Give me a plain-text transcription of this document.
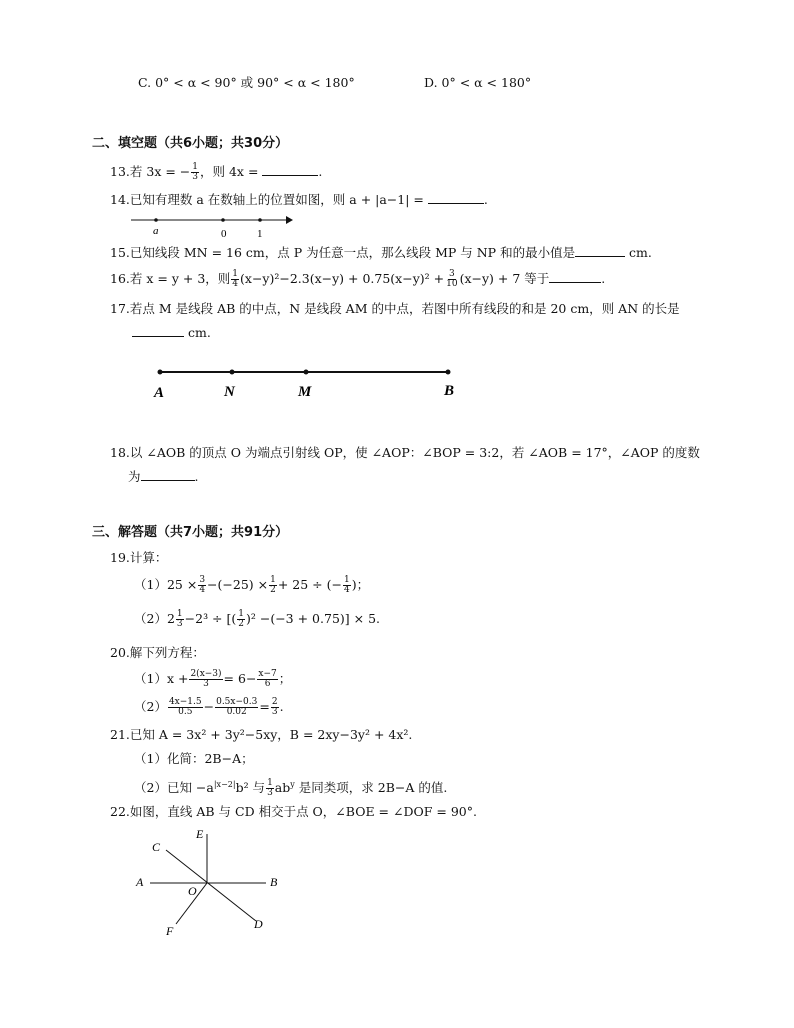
C. 0° < α < 90° 或 90° < α < 180°	D. 0° < α < 180°
二、填空题（共6小题；共30分）
13.若 3x = − $\frac{1}{3}$ ，则 4x =	.
14.已知有理数 a 在数轴上的位置如图，则 a + |a−1| =	.
a	0	1
15.已知线段 MN = 16 cm，点 P 为任意一点，那么线段 MP 与 NP 和的最小值是	cm.
16.若 x = y + 3，则 $\frac{1}{4} (x-y)^2-2.3(x-y) + 0.75(x-y)^2 + \frac{3}{10} (x-y) + 7$ 等于	.
17.若点 M 是线段 AB 的中点，N 是线段 AM 的中点，若图中所有线段的和是 20 cm，则 AN 的长是
cm.
A	N	M	B
18.以 ∠AOB 的顶点 O 为端点引射线 OP，使 ∠AOP：∠BOP = 3:2，若 ∠AOB = 17°，∠AOP 的度数
为	.
三、解答题（共7小题；共91分）
19.计算：
$(1)25 \times \frac{3}{4} -(-25) \times \frac{1}{2} + 25$ ÷ (− $\frac{1}{4}$ )；
$(2)2 \frac{1}{3} -2^3$ ÷ [( $\frac{1}{2} )^2 -(-3 + 0.75)] \times 5$.
20.解下列方程：
$(1)x + \frac{2(x-3)}{3} = 6- \frac{x-7}{6}$ ；
$(2) \frac{4x-1.5}{0.5} - \frac{0.5x-0.3}{0.02} = \frac{2}{3}$ .
21.已知 A = 3x² + 3y²−5xy，B = 2xy−3y² + 4x².
（1）化简：2B−A；
（2）已知 $-a^{|x-2|}b^2$ 与 $\frac{1}{3} ab^y$ 是同类项，求 2B−A 的值.
22.如图，直线 AB 与 CD 相交于点 O，∠BOE = ∠DOF = 90°.
E
C
A
O
B
F	D
